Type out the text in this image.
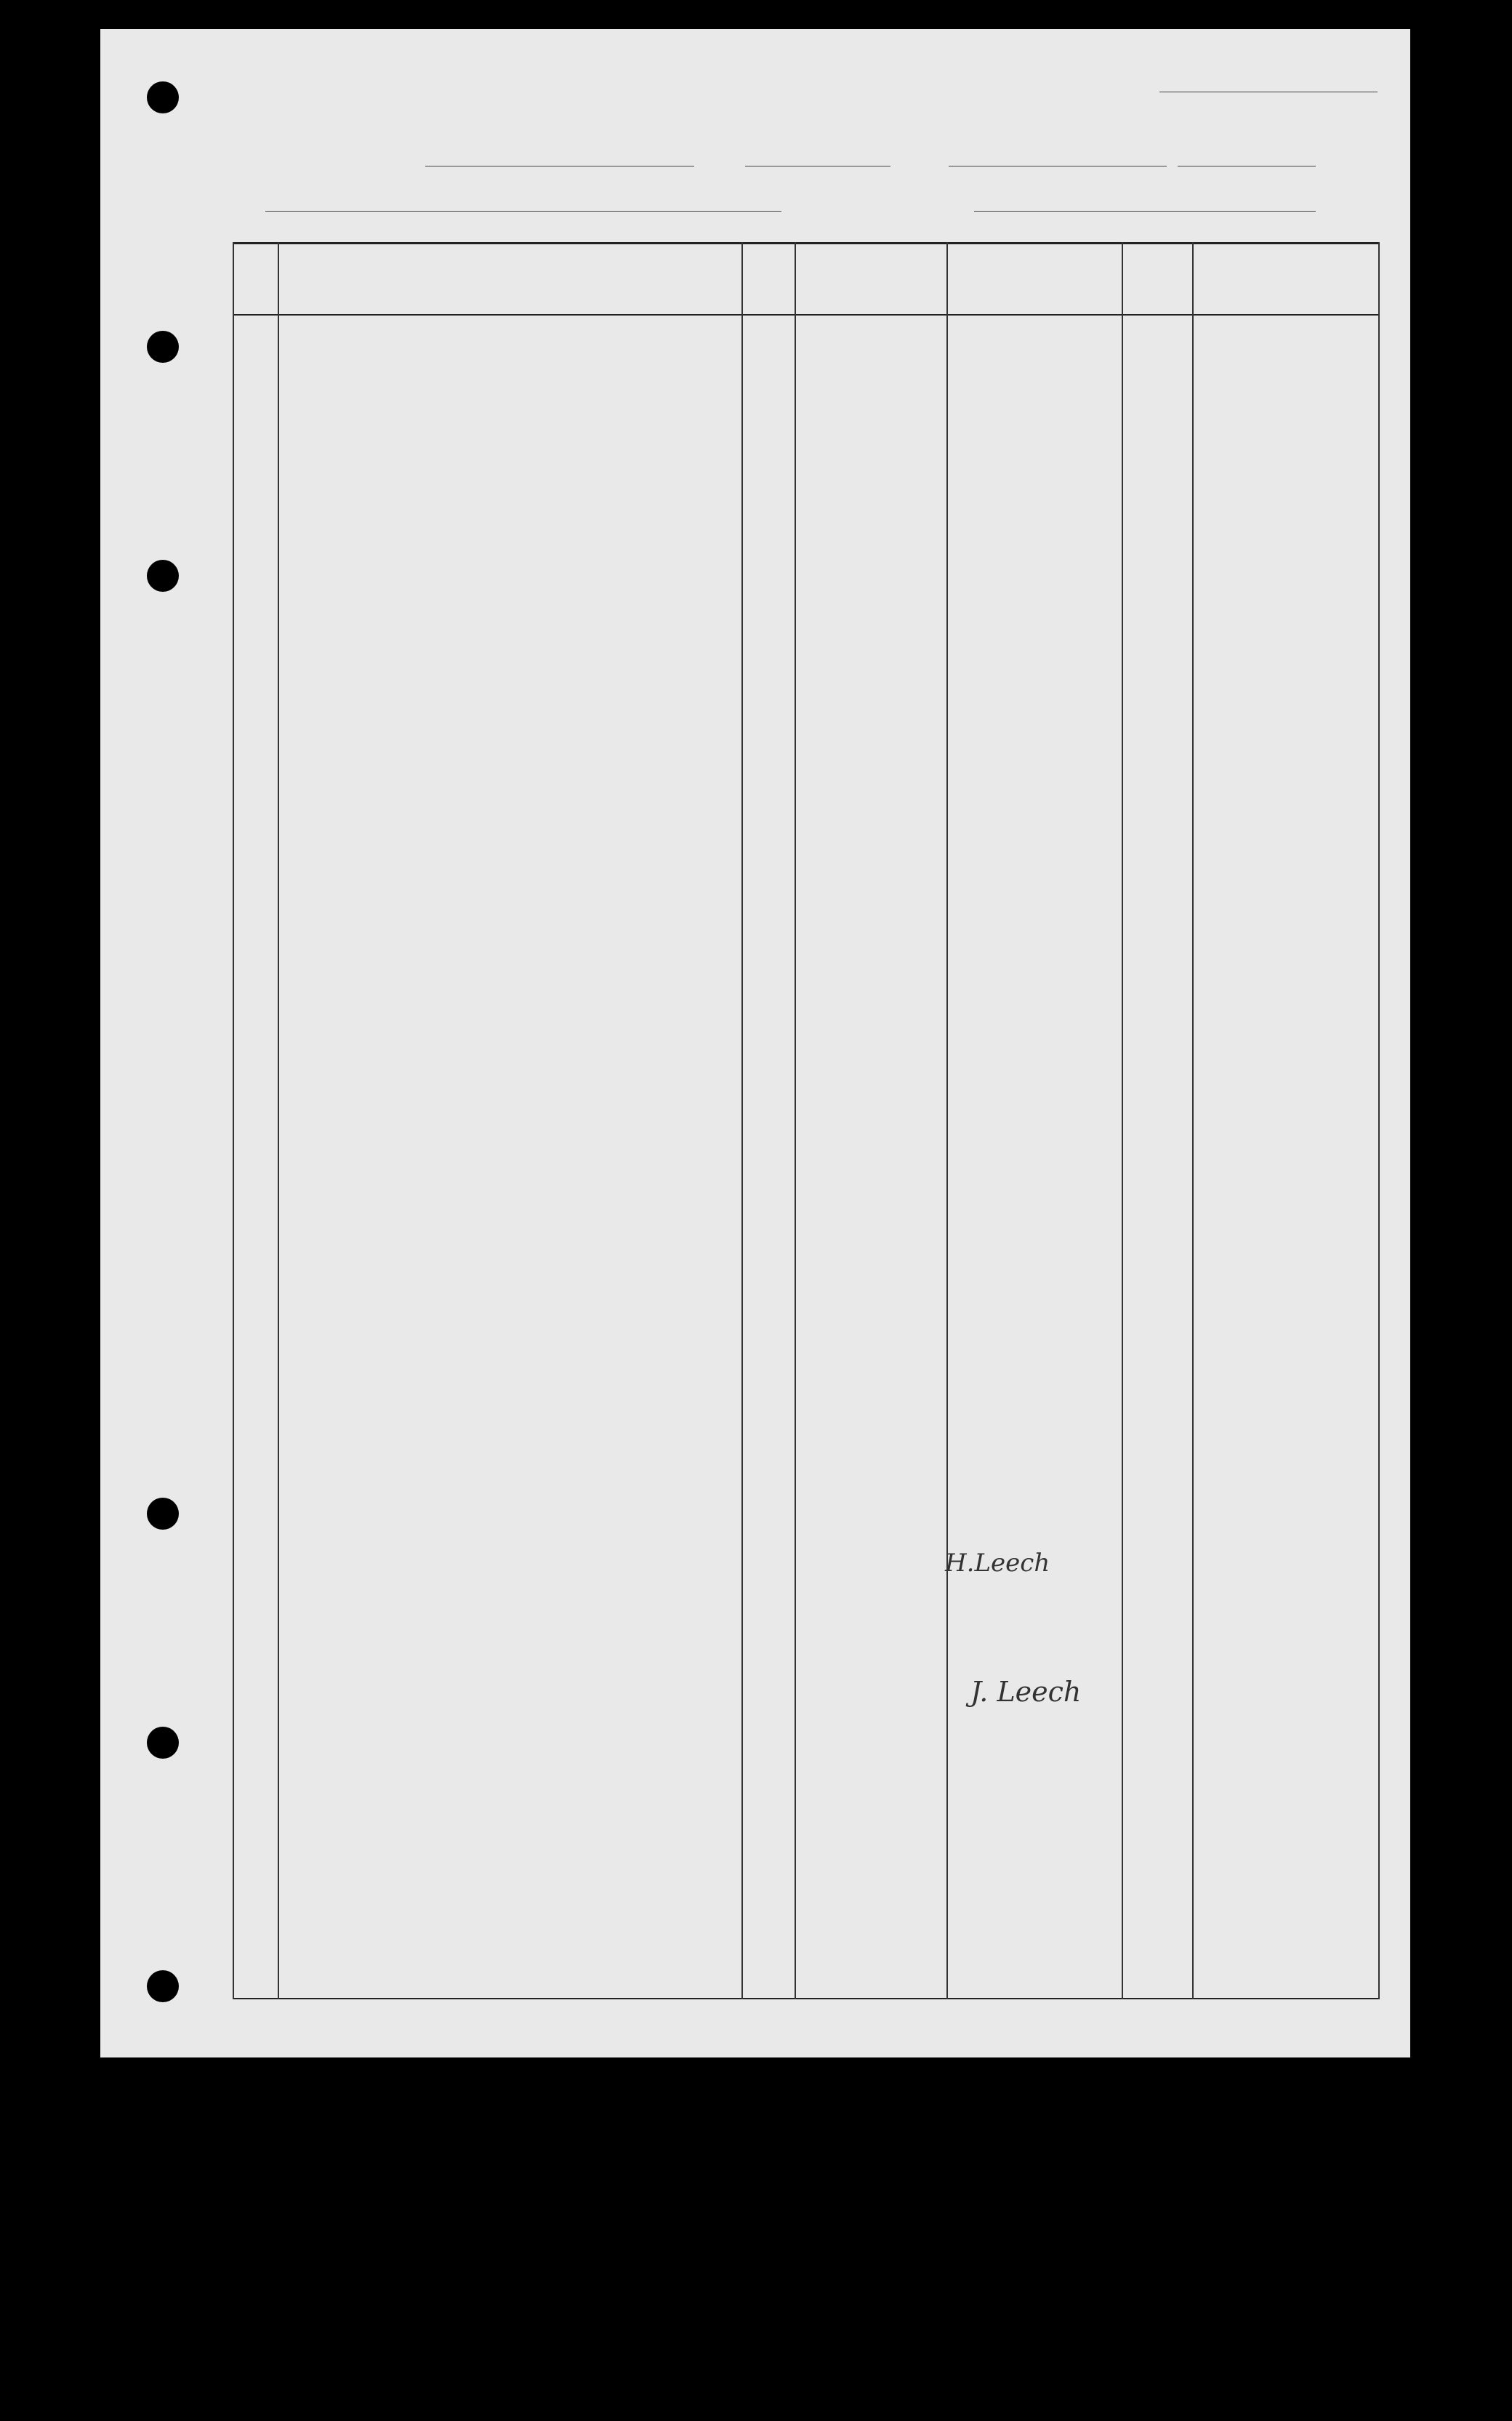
H.Leech
J. Leech
